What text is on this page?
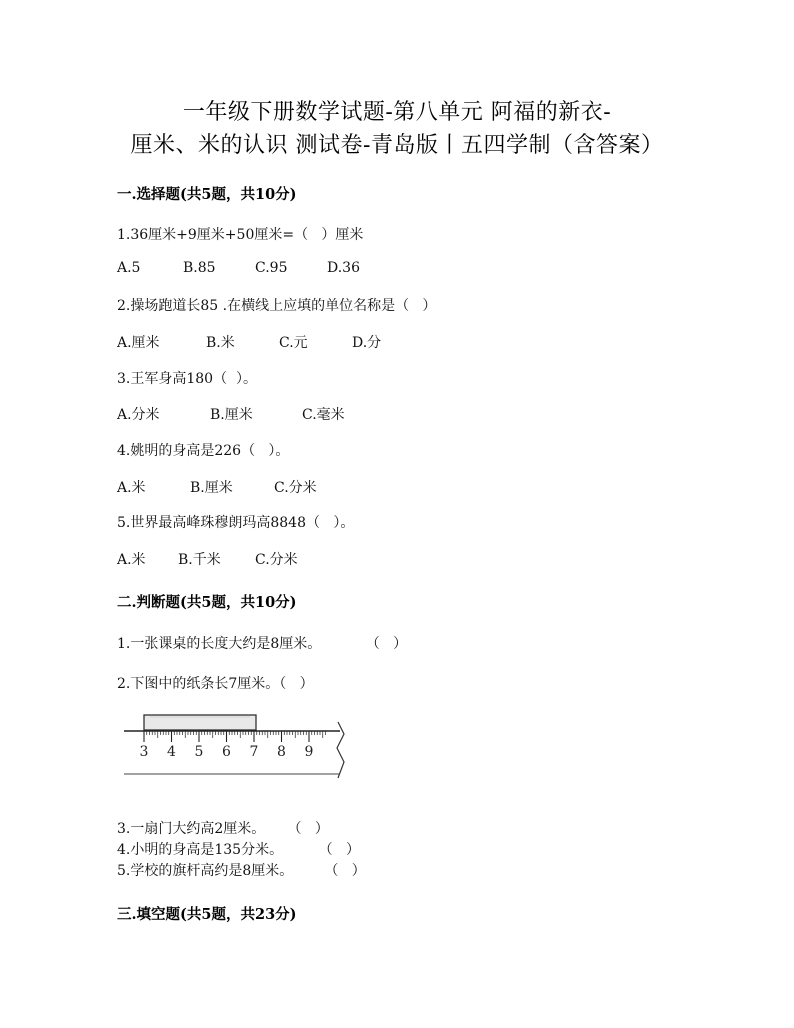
一年级下册数学试题-第八单元 阿福的新衣-
厘米、米的认识 测试卷-青岛版丨五四学制（含答案）
一.选择题(共5题，共10分)
1.36厘米+9厘米+50厘米=（   ）厘米
A.5	B.85	C.95	D.36
2.操场跑道长85 .在横线上应填的单位名称是（   ）
A.厘米	B.米	C.元	D.分
3.王军身高180（  ）。
A.分米	B.厘米	C.毫米
4.姚明的身高是226（   ）。
A.米	B.厘米	C.分米
5.世界最高峰珠穆朗玛高8848（   ）。
A.米 B.千米 C.分米
二.判断题(共5题，共10分)
1.一张课桌的长度大约是8厘米。          （   ）
2.下图中的纸条长7厘米。（   ）
3 4 5 6 7 8 9
3.一扇门大约高2厘米。     （   ）
4.小明的身高是135分米。        （   ）
5.学校的旗杆高约是8厘米。       （   ）
三.填空题(共5题，共23分)
